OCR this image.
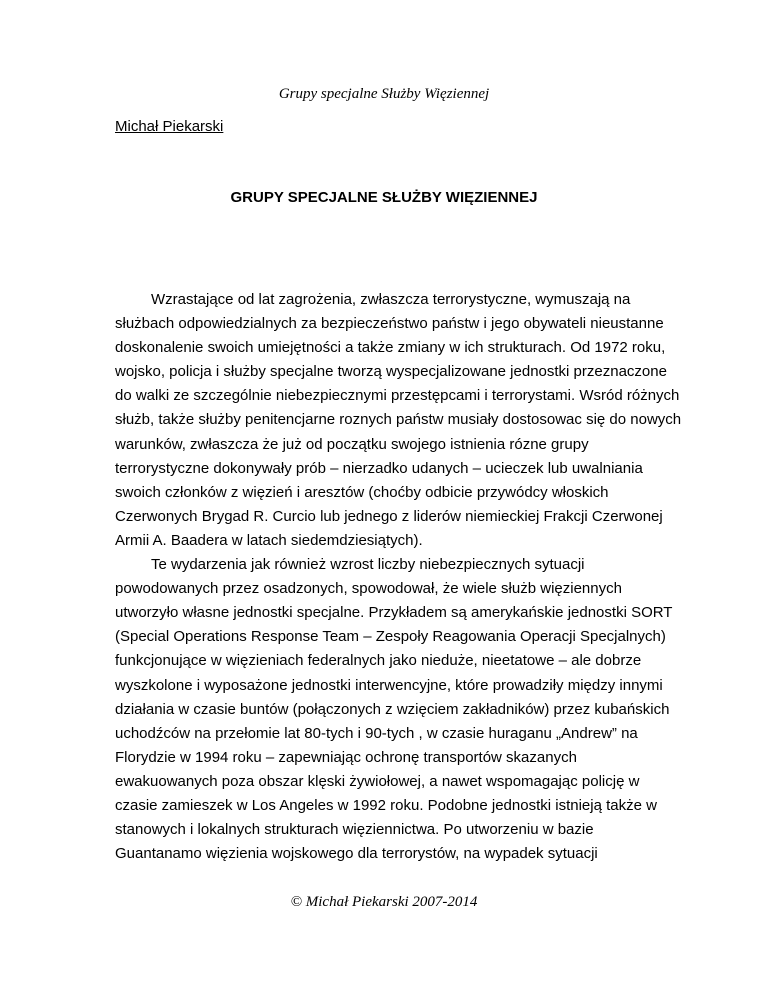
Grupy specjalne Służby Więziennej
Michał Piekarski
GRUPY SPECJALNE SŁUŻBY WIĘZIENNEJ
Wzrastające od lat zagrożenia, zwłaszcza terrorystyczne, wymuszają na
służbach odpowiedzialnych za bezpieczeństwo państw i jego obywateli nieustanne
doskonalenie swoich umiejętności a także zmiany w ich strukturach. Od 1972 roku,
wojsko, policja i służby specjalne tworzą wyspecjalizowane jednostki przeznaczone
do walki ze szczególnie niebezpiecznymi przestępcami i terrorystami. Wsród różnych
służb, także służby penitencjarne roznych państw musiały dostosowac się do nowych
warunków, zwłaszcza że już od początku swojego istnienia rózne grupy
terrorystyczne dokonywały prób – nierzadko udanych – ucieczek lub uwalniania
swoich członków z więzień i aresztów (choćby odbicie przywódcy włoskich
Czerwonych Brygad R. Curcio lub jednego z liderów niemieckiej Frakcji Czerwonej
Armii A. Baadera w latach siedemdziesiątych).
Te wydarzenia jak również wzrost liczby niebezpiecznych sytuacji
powodowanych przez osadzonych, spowodował, że wiele służb więziennych
utworzyło własne jednostki specjalne. Przykładem są amerykańskie jednostki SORT
(Special Operations Response Team – Zespoły Reagowania Operacji Specjalnych)
funkcjonujące w więzieniach federalnych jako nieduże, nieetatowe – ale dobrze
wyszkolone i wyposażone jednostki interwencyjne, które prowadziły między innymi
działania w czasie buntów (połączonych z wzięciem zakładników) przez kubańskich
uchodźców na przełomie lat 80-tych i 90-tych , w czasie huraganu „Andrew” na
Florydzie w 1994 roku – zapewniając ochronę transportów skazanych
ewakuowanych poza obszar klęski żywiołowej, a nawet wspomagając policję w
czasie zamieszek w Los Angeles w 1992 roku. Podobne jednostki istnieją także w
stanowych i lokalnych strukturach więziennictwa. Po utworzeniu w bazie
Guantanamo więzienia wojskowego dla terrorystów, na wypadek sytuacji
© Michał Piekarski 2007-2014
